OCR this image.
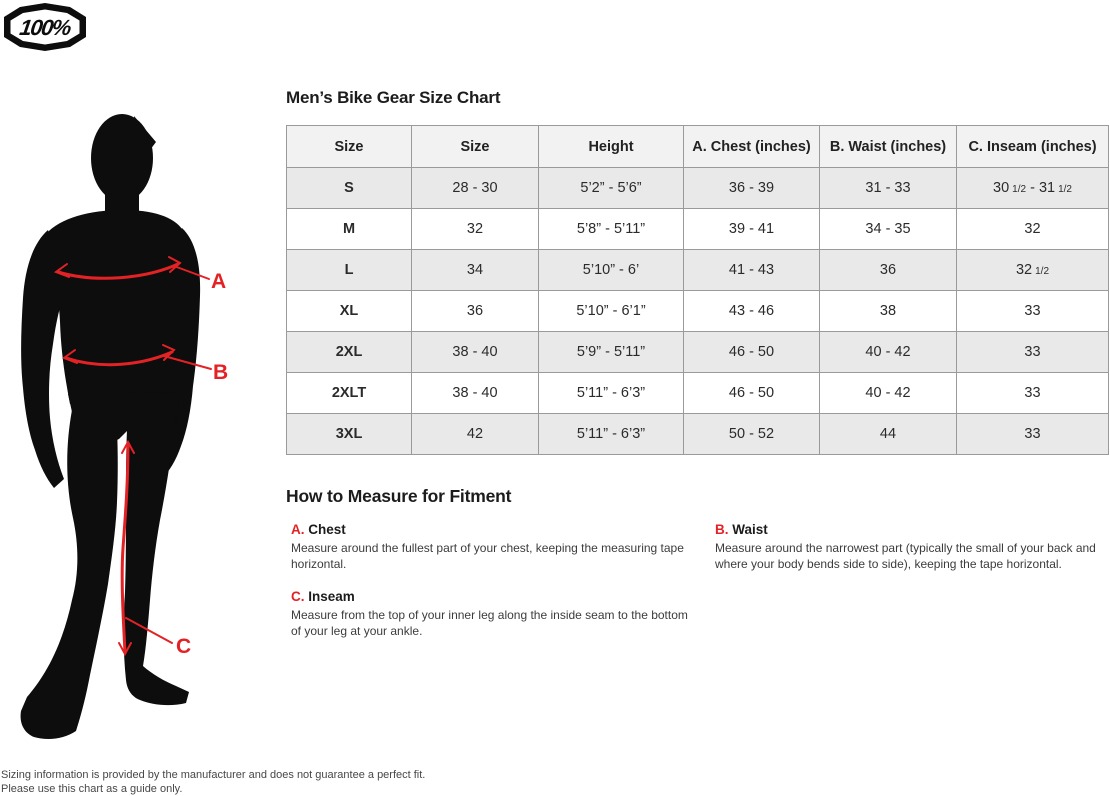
100%
A
B
C
Men’s Bike Gear Size Chart
Size	Size	Height	A. Chest (inches)	B. Waist (inches)	C. Inseam (inches)
S	28 - 30	5’2” - 5’6”	36 - 39	31 - 33	30 1/2 - 31 1/2
M	32	5’8” - 5’11”	39 - 41	34 - 35	32
L	34	5’10” - 6’	41 - 43	36	32 1/2
XL	36	5’10” - 6’1”	43 - 46	38	33
2XL	38 - 40	5’9” - 5’11”	46 - 50	40 - 42	33
2XLT	38 - 40	5’11” - 6’3”	46 - 50	40 - 42	33
3XL	42	5’11” - 6’3”	50 - 52	44	33
How to Measure for Fitment
A. Chest
Measure around the fullest part of your chest, keeping the measuring tape horizontal.
B. Waist
Measure around the narrowest part (typically the small of your back and where your body bends side to side), keeping the tape horizontal.
C. Inseam
Measure from the top of your inner leg along the inside seam to the bottom of your leg at your ankle.
Sizing information is provided by the manufacturer and does not guarantee a perfect fit.
Please use this chart as a guide only.
